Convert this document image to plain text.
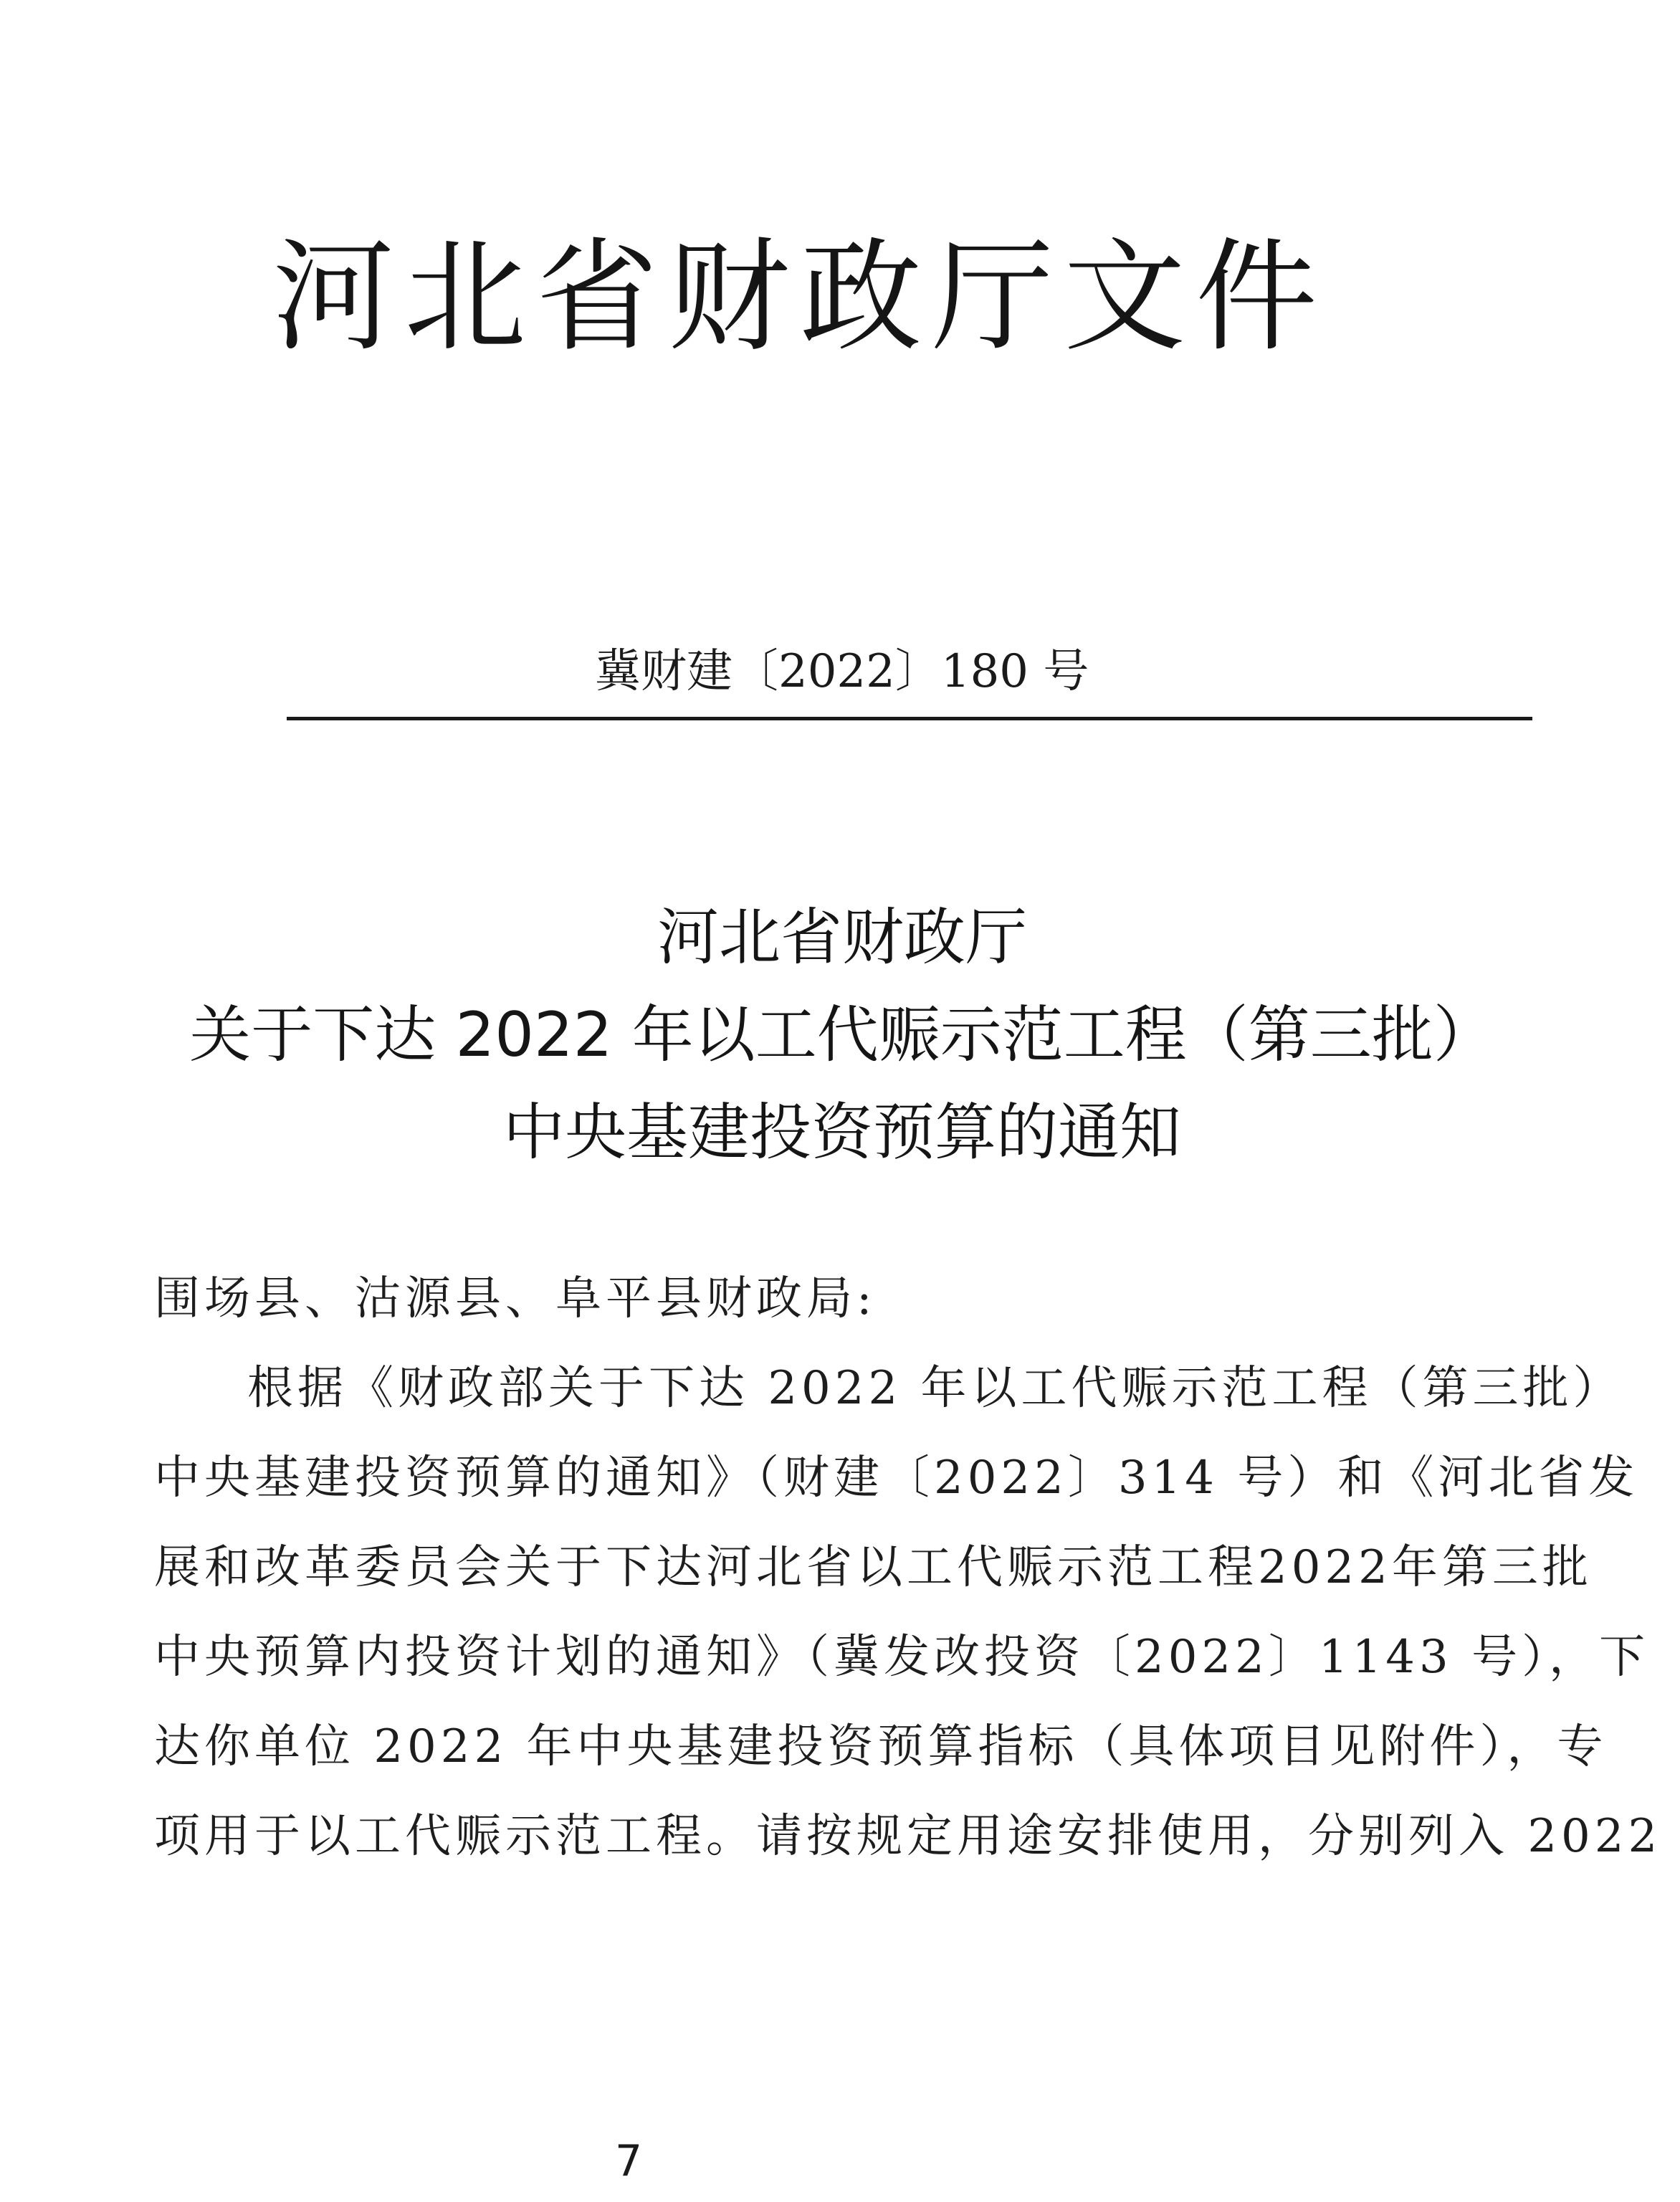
河北省财政厅文件
冀财建〔2022〕180 号
河北省财政厅
关于下达 2022 年以工代赈示范工程（第三批）
中央基建投资预算的通知
围场县、沽源县、阜平县财政局:
根据《财政部关于下达 2022 年以工代赈示范工程（第三批）
中央基建投资预算的通知》（财建〔2022〕314 号）和《河北省发
展和改革委员会关于下达河北省以工代赈示范工程2022年第三批
中央预算内投资计划的通知》（冀发改投资〔2022〕1143 号），下
达你单位 2022 年中央基建投资预算指标（具体项目见附件），专
项用于以工代赈示范工程。请按规定用途安排使用，分别列入 2022
7
